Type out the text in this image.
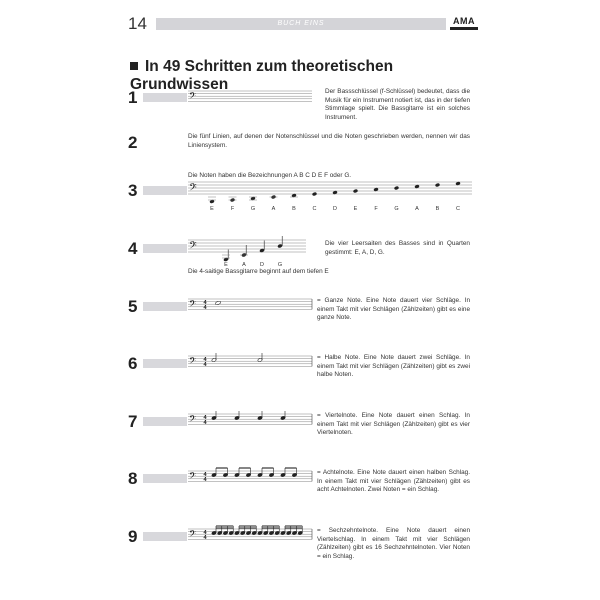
14	BUCH EINS	AMA
In 49 Schritten zum theoretischen Grundwissen
1	𝄢	Der Bassschlüssel (f-Schlüssel) bedeutet, dass die Musik für ein Instrument notiert ist, das in der tiefen Stimmlage spielt. Die Bassgitarre ist ein solches Instrument.
2	Die fünf Linien, auf denen der Notenschlüssel und die Noten geschrieben werden, nennen wir das Liniensystem.
Die Noten haben die Bezeichnungen A B C D E F oder G.
3	𝄢
E	F	G	A	B	C	D	E	F	G	A	B	C
4	𝄢
E	A	D	G
Die vier Leersaiten des Basses sind in Quarten gestimmt: E, A, D, G.
Die 4-saitige Bassgitarre beginnt auf dem tiefen E
5	𝄢 4
4
= Ganze Note. Eine Note dauert vier Schläge. In einem Takt mit vier Schlägen (Zählzeiten) gibt es eine ganze Note.
6	𝄢 4
4
= Halbe Note. Eine Note dauert zwei Schläge. In einem Takt mit vier Schlägen (Zählzeiten) gibt es zwei halbe Noten.
7	𝄢 4
4
= Viertelnote. Eine Note dauert einen Schlag. In einem Takt mit vier Schlägen (Zählzeiten) gibt es vier Viertelnoten.
8	𝄢 4
4
= Achtelnote. Eine Note dauert einen halben Schlag. In einem Takt mit vier Schlägen (Zählzeiten) gibt es acht Achtelnoten. Zwei Noten = ein Schlag.
9	𝄢 4
4
= Sechzehntelnote. Eine Note dauert einen Viertelschlag. In einem Takt mit vier Schlägen (Zählzeiten) gibt es 16 Sechzehntelnoten. Vier Noten = ein Schlag.
